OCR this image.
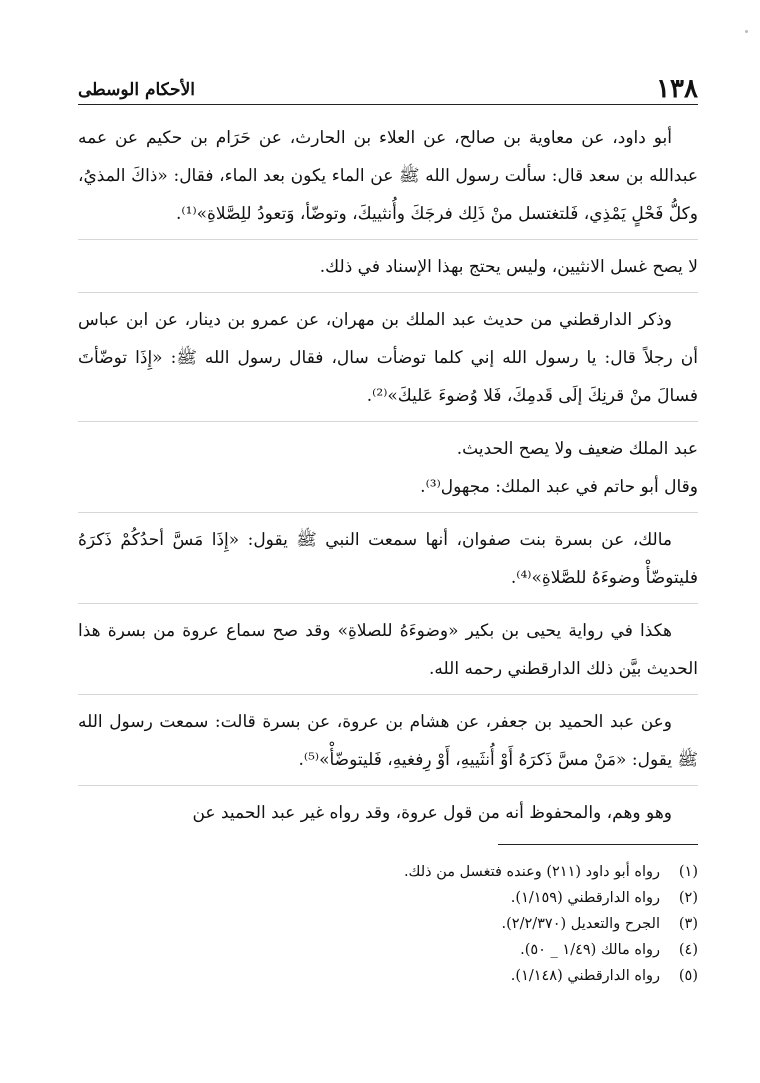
١٣٨
الأحكام الوسطى

أبو داود، عن معاوية بن صالح، عن العلاء بن الحارث، عن حَرَام بن حكيم عن عمه عبدالله بن سعد قال: سألت رسول الله ﷺ عن الماء يكون بعد الماء، فقال: «ذاكَ المذيُ، وكلُّ فَحْلٍ يَمْذِي، فَلتغتسل منْ ذَلِك فرجَكَ وأُنثييكَ، وتوضّأ، وَتعودُ للِصَّلاةِ»⁽¹⁾.

لا يصح غسل الانثيين، وليس يحتج بهذا الإسناد في ذلك.

وذكر الدارقطني من حديث عبد الملك بن مهران، عن عمرو بن دينار، عن ابن عباس أن رجلاً قال: يا رسول الله إني كلما توضأت سال، فقال رسول الله ﷺ: «إِذَا توضّأتَ فسالَ منْ قرنِكَ إلَى قَدمِكَ، فَلا وُضوءَ عَليكَ»⁽²⁾.

عبد الملك ضعيف ولا يصح الحديث.

وقال أبو حاتم في عبد الملك: مجهول⁽³⁾.

مالك، عن بسرة بنت صفوان، أنها سمعت النبي ﷺ يقول: «إِذَا مَسَّ أحدُكُمْ ذَكرَهُ فليتوضّأْ وضوءَهُ للصَّلاةِ»⁽⁴⁾.

هكذا في رواية يحيى بن بكير «وضوءَهُ للصلاةِ» وقد صح سماع عروة من بسرة هذا الحديث بيَّن ذلك الدارقطني رحمه الله.

وعن عبد الحميد بن جعفر، عن هشام بن عروة، عن بسرة قالت: سمعت رسول الله ﷺ يقول: «مَنْ مسَّ ذَكرَهُ أَوْ أُنثَييهِ، أَوْ رِفغيهِ، فَليتوضّأْ»⁽⁵⁾.

وهو وهم، والمحفوظ أنه من قول عروة، وقد رواه غير عبد الحميد عن

(١)
رواه أبو داود (٢١١) وعنده فتغسل من ذلك.
(٢)
رواه الدارقطني (١/١٥٩).
(٣)
الجرح والتعديل (٢/٢/٣٧٠).
(٤)
رواه مالك (١/٤٩ _ ٥٠).
(٥)
رواه الدارقطني (١/١٤٨).
